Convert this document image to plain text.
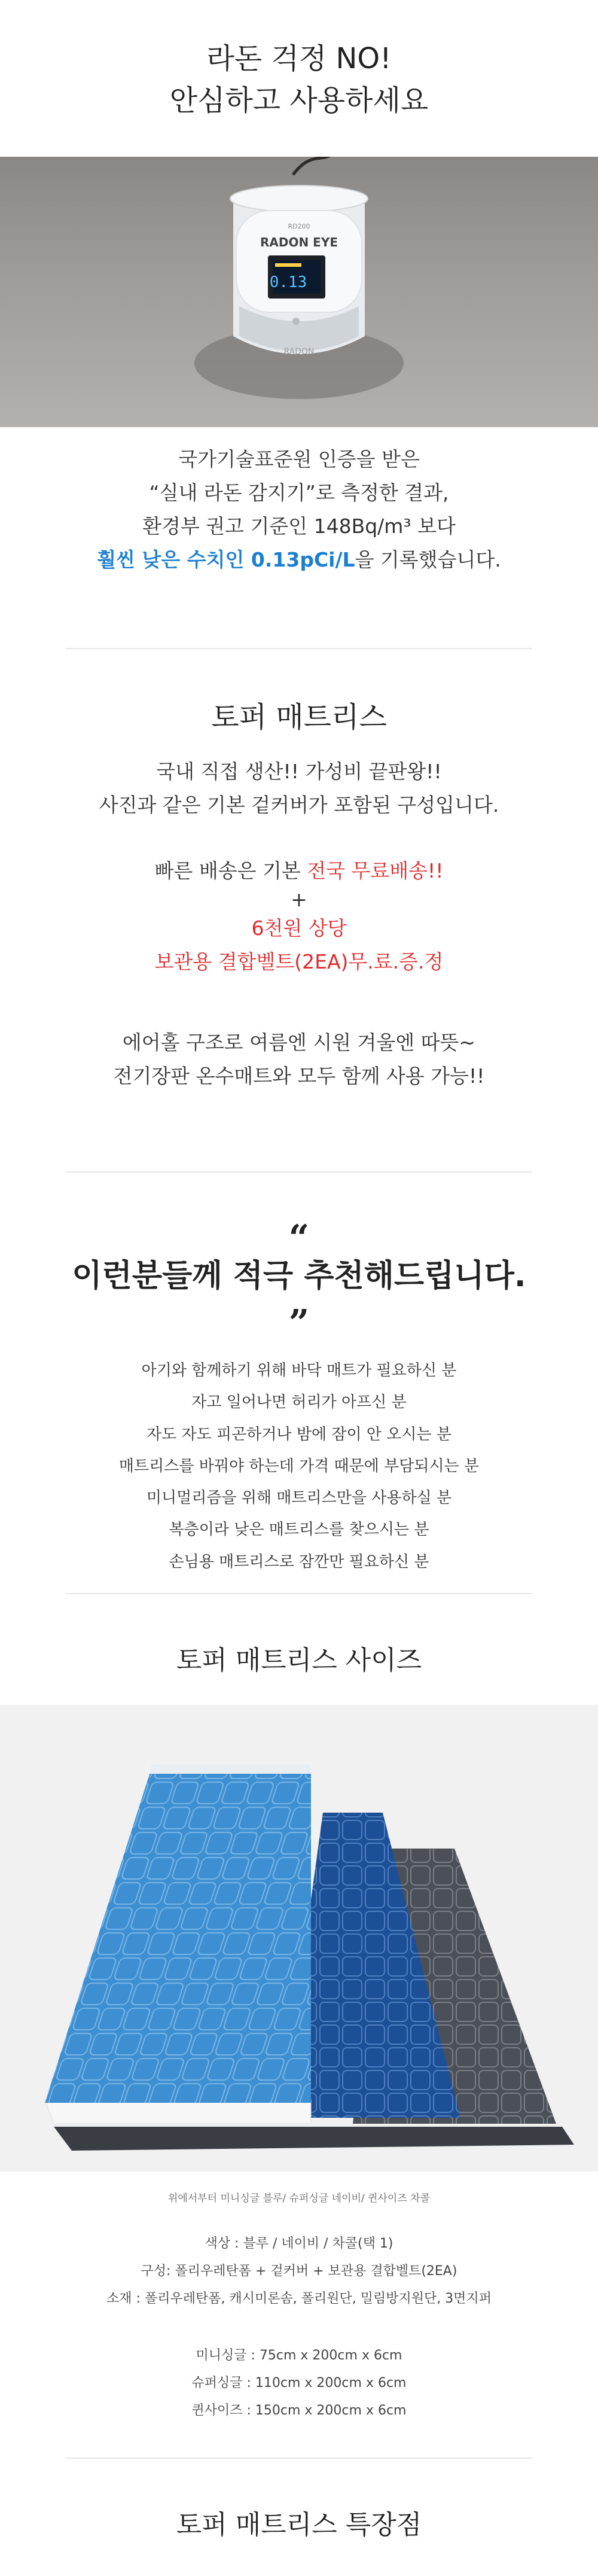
라돈 걱정 NO!
안심하고 사용하세요
RD200
RADON EYE
0.13
RADON
국가기술표준원 인증을 받은
“실내 라돈 감지기”로 측정한 결과,
환경부 권고 기준인 148Bq/m³ 보다
훨씬 낮은 수치인 0.13pCi/L을 기록했습니다.
토퍼 매트리스
국내 직접 생산!! 가성비 끝판왕!!
사진과 같은 기본 겉커버가 포함된 구성입니다.
빠른 배송은 기본 전국 무료배송!!
+
6천원 상당
보관용 결합벨트(2EA)무.료.증.정
에어홀 구조로 여름엔 시원 겨울엔 따뜻~
전기장판 온수매트와 모두 함께 사용 가능!!
“
이런분들께 적극 추천해드립니다.
”
아기와 함께하기 위해 바닥 매트가 필요하신 분
자고 일어나면 허리가 아프신 분
자도 자도 피곤하거나 밤에 잠이 안 오시는 분
매트리스를 바꿔야 하는데 가격 때문에 부담되시는 분
미니멀리즘을 위해 매트리스만을 사용하실 분
복층이라 낮은 매트리스를 찾으시는 분
손님용 매트리스로 잠깐만 필요하신 분
토퍼 매트리스 사이즈
위에서부터 미니싱글 블루/ 슈퍼싱글 네이비/ 퀸사이즈 차콜
색상 : 블루 / 네이비 / 차콜(택 1)
구성: 폴리우레탄폼 + 겉커버 + 보관용 결합벨트(2EA)
소재 : 폴리우레탄폼, 캐시미론솜, 폴리원단, 밀림방지원단, 3면지퍼
미니싱글 : 75cm x 200cm x 6cm
슈퍼싱글 : 110cm x 200cm x 6cm
퀸사이즈 : 150cm x 200cm x 6cm
토퍼 매트리스 특장점
